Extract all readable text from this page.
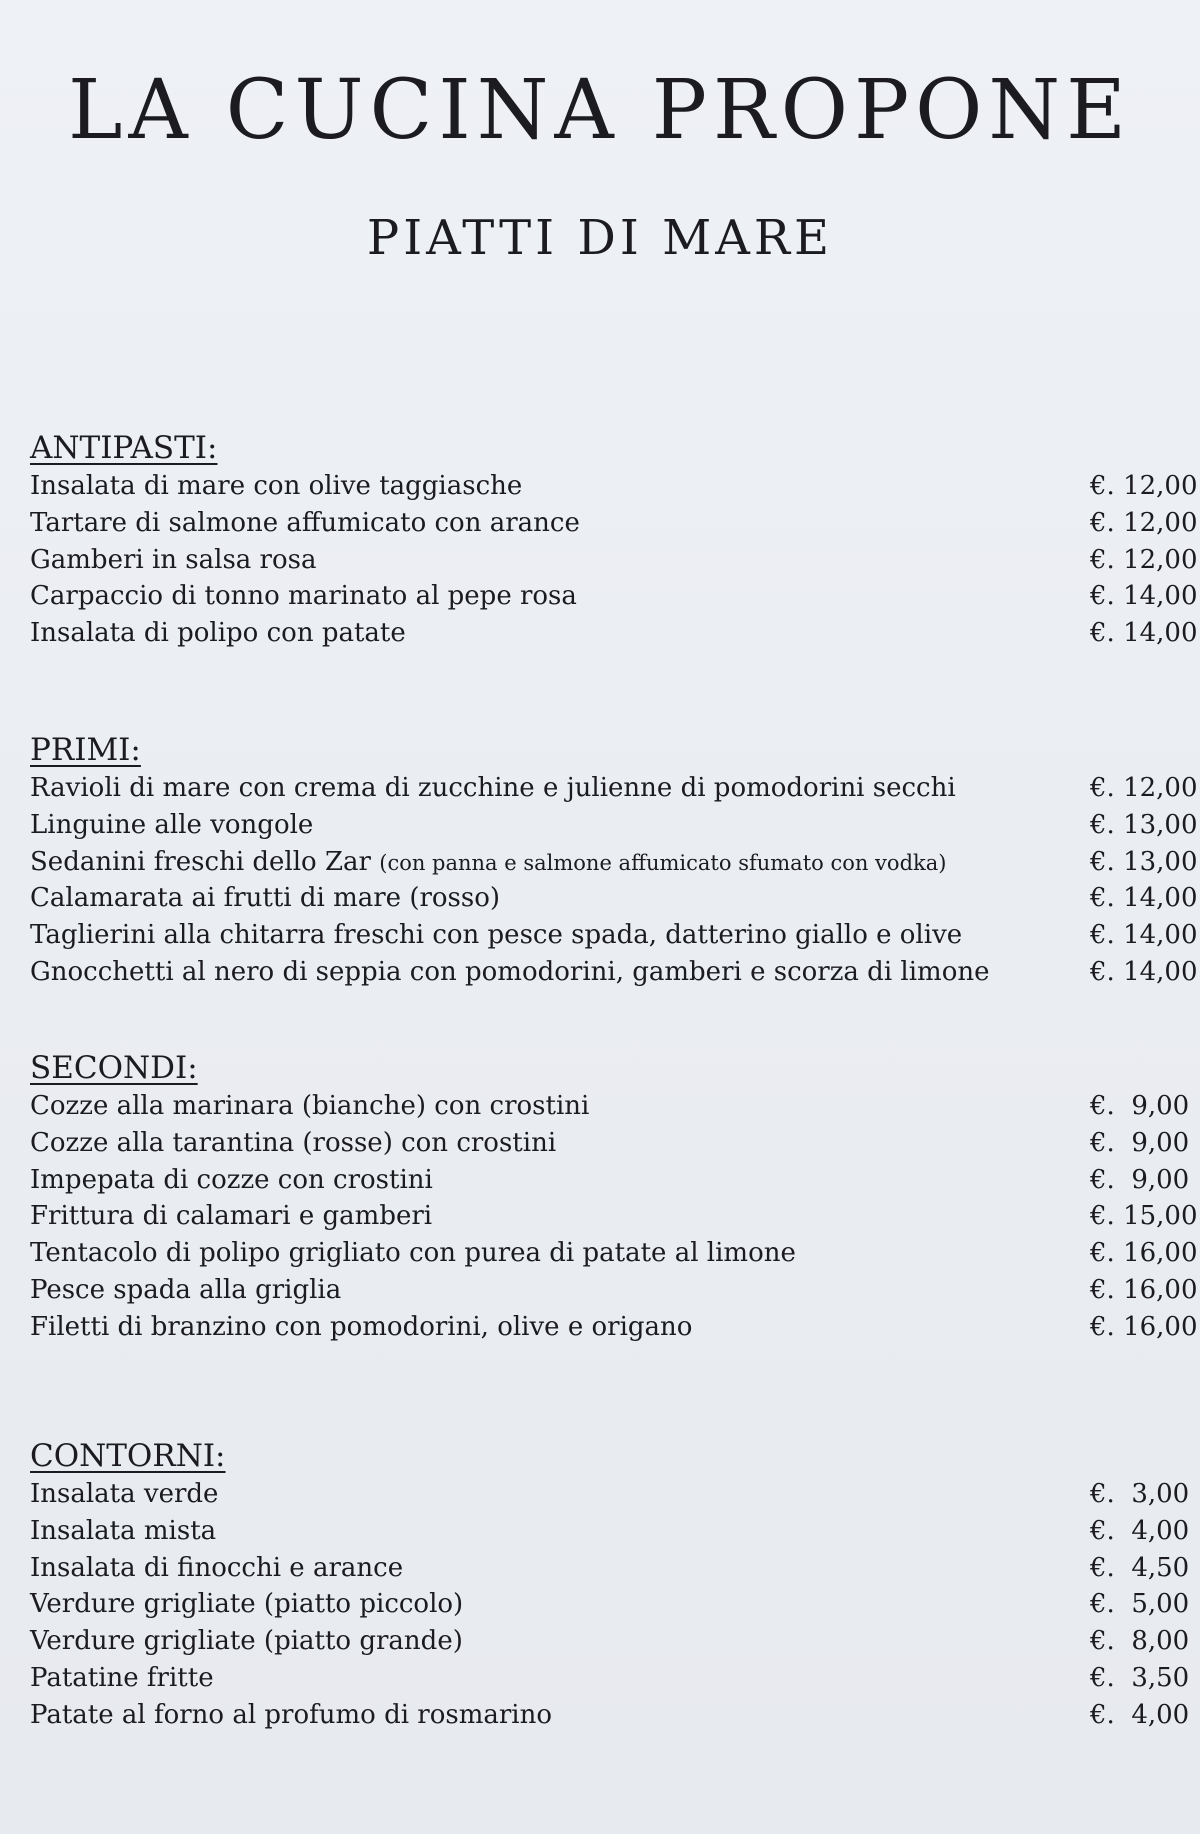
LA CUCINA PROPONE
PIATTI DI MARE
ANTIPASTI:
Insalata di mare con olive taggiasche	€. 12,00
Tartare di salmone affumicato con arance	€. 12,00
Gamberi in salsa rosa	€. 12,00
Carpaccio di tonno marinato al pepe rosa	€. 14,00
Insalata di polipo con patate	€. 14,00
PRIMI:
Ravioli di mare con crema di zucchine e julienne di pomodorini secchi	€. 12,00
Linguine alle vongole	€. 13,00
Sedanini freschi dello Zar (con panna e salmone affumicato sfumato con vodka)	€. 13,00
Calamarata ai frutti di mare (rosso)	€. 14,00
Taglierini alla chitarra freschi con pesce spada, datterino giallo e olive	€. 14,00
Gnocchetti al nero di seppia con pomodorini, gamberi e scorza di limone	€. 14,00
SECONDI:
Cozze alla marinara (bianche) con crostini	€.  9,00
Cozze alla tarantina (rosse) con crostini	€.  9,00
Impepata di cozze con crostini	€.  9,00
Frittura di calamari e gamberi	€. 15,00
Tentacolo di polipo grigliato con purea di patate al limone	€. 16,00
Pesce spada alla griglia	€. 16,00
Filetti di branzino con pomodorini, olive e origano	€. 16,00
CONTORNI:
Insalata verde	€.  3,00
Insalata mista	€.  4,00
Insalata di finocchi e arance	€.  4,50
Verdure grigliate (piatto piccolo)	€.  5,00
Verdure grigliate (piatto grande)	€.  8,00
Patatine fritte	€.  3,50
Patate al forno al profumo di rosmarino	€.  4,00
